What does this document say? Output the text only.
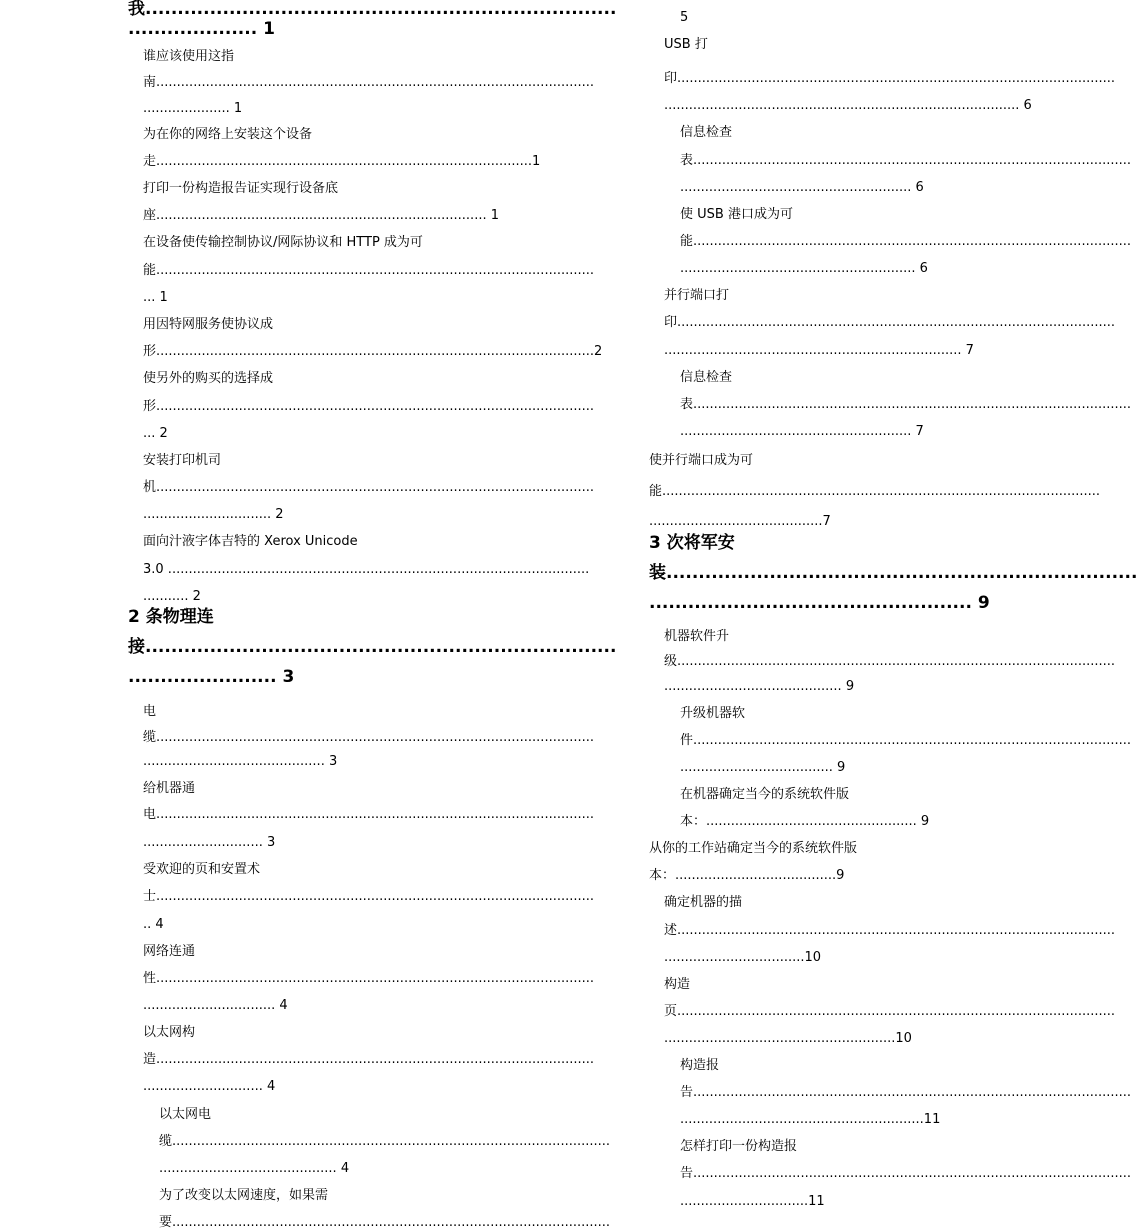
我.........................................................................
.................... 1
谁应该使用这指
南..........................................................................................................
..................... 1
为在你的网络上安装这个设备
走...........................................................................................1
打印一份构造报告证实现行设备底
座................................................................................ 1
在设备使传输控制协议/网际协议和 HTTP 成为可
能..........................................................................................................
... 1
用因特网服务使协议成
形..........................................................................................................2
使另外的购买的选择成
形..........................................................................................................
... 2
安装打印机司
机..........................................................................................................
............................... 2
面向汁液字体吉特的 Xerox Unicode
3.0 ......................................................................................................
........... 2
2 条物理连
接.........................................................................
....................... 3
电
缆..........................................................................................................
............................................ 3
给机器通
电..........................................................................................................
............................. 3
受欢迎的页和安置术
士..........................................................................................................
.. 4
网络连通
性..........................................................................................................
................................ 4
以太网构
造..........................................................................................................
............................. 4
以太网电
缆..........................................................................................................
........................................... 4
为了改变以太网速度，如果需
要..........................................................................................................
5
USB 打
印..........................................................................................................
...................................................................................... 6
信息检查
表..........................................................................................................
........................................................ 6
使 USB 港口成为可
能..........................................................................................................
......................................................... 6
并行端口打
印..........................................................................................................
........................................................................ 7
信息检查
表..........................................................................................................
........................................................ 7
使并行端口成为可
能..........................................................................................................
..........................................7
3 次将军安
装.........................................................................
.................................................. 9
机器软件升
级..........................................................................................................
........................................... 9
升级机器软
件..........................................................................................................
..................................... 9
在机器确定当今的系统软件版
本：................................................... 9
从你的工作站确定当今的系统软件版
本：.......................................9
确定机器的描
述..........................................................................................................
..................................10
构造
页..........................................................................................................
........................................................10
构造报
告..........................................................................................................
...........................................................11
怎样打印一份构造报
告..........................................................................................................
...............................11
